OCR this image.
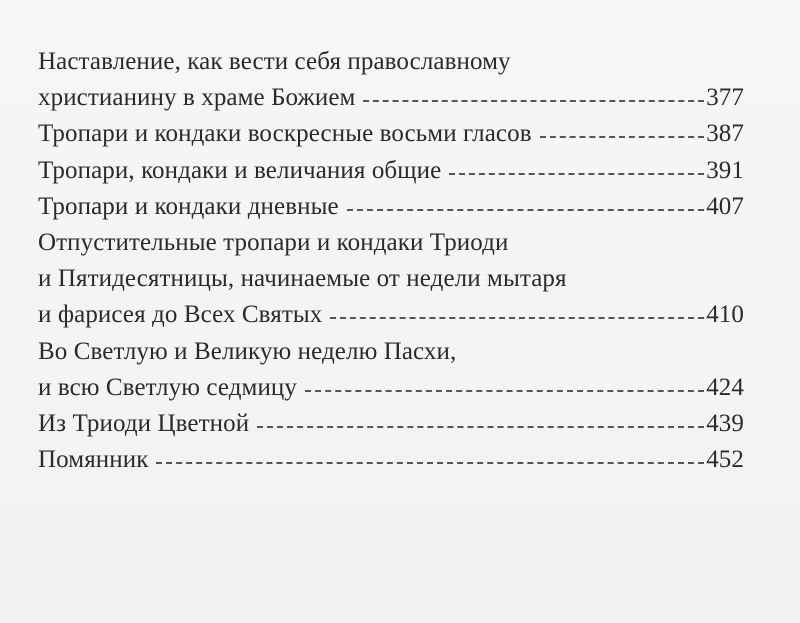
Наставление, как вести себя православному
христианину в храме Божием	377
Тропари и кондаки воскресные восьми гласов	387
Тропари, кондаки и величания общие	391
Тропари и кондаки дневные	407
Отпустительные тропари и кондаки Триоди
и Пятидесятницы, начинаемые от недели мытаря
и фарисея до Всех Святых	410
Во Светлую и Великую неделю Пасхи,
и всю Светлую седмицу	424
Из Триоди Цветной	439
Помянник	452
